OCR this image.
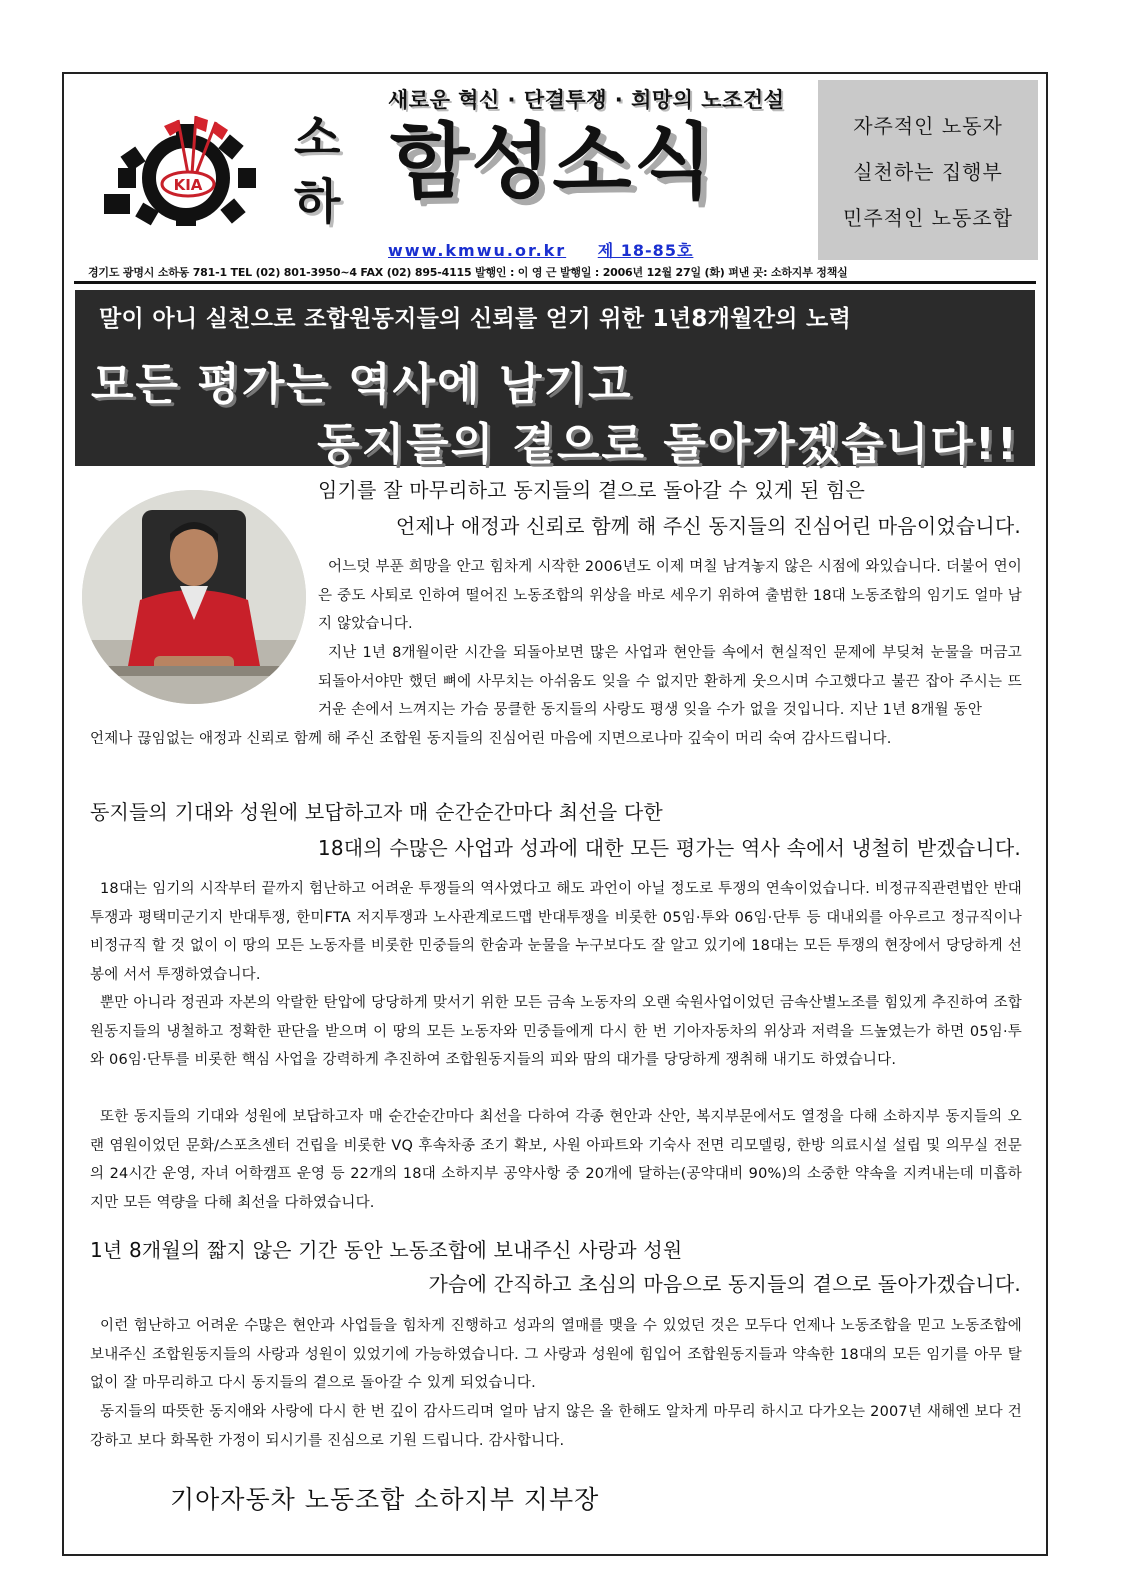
KIA
소
하
새로운 혁신 · 단결투쟁 · 희망의 노조건설
함성소식
www.kmwu.or.kr 제 18-85호
자주적인 노동자
실천하는 집행부
민주적인 노동조합
경기도 광명시 소하동 781-1 TEL (02) 801-3950~4 FAX (02) 895-4115 발행인 : 이 영 근 발행일 : 2006년 12월 27일 (화) 펴낸 곳: 소하지부 정책실
말이 아니 실천으로 조합원동지들의 신뢰를 얻기 위한 1년8개월간의 노력
모든 평가는 역사에 남기고
동지들의 곁으로 돌아가겠습니다!!
임기를 잘 마무리하고 동지들의 곁으로 돌아갈 수 있게 된 힘은
언제나 애정과 신뢰로 함께 해 주신 동지들의 진심어린 마음이었습니다.

어느덧 부푼 희망을 안고 힘차게 시작한 2006년도 이제 며칠 남겨놓지 않은 시점에 와있습니다. 더불어 연이은 중도 사퇴로 인하여 떨어진 노동조합의 위상을 바로 세우기 위하여 출범한 18대 노동조합의 임기도 얼마 남지 않았습니다.

지난 1년 8개월이란 시간을 되돌아보면 많은 사업과 현안들 속에서 현실적인 문제에 부딪쳐 눈물을 머금고 되돌아서야만 했던 뼈에 사무치는 아쉬움도 잊을 수 없지만 환하게 웃으시며 수고했다고 불끈 잡아 주시는 뜨거운 손에서 느껴지는 가슴 뭉클한 동지들의 사랑도 평생 잊을 수가 없을 것입니다. 지난 1년 8개월 동안

언제나 끊임없는 애정과 신뢰로 함께 해 주신 조합원 동지들의 진심어린 마음에 지면으로나마 깊숙이 머리 숙여 감사드립니다.

동지들의 기대와 성원에 보답하고자 매 순간순간마다 최선을 다한
18대의 수많은 사업과 성과에 대한 모든 평가는 역사 속에서 냉철히 받겠습니다.

18대는 임기의 시작부터 끝까지 험난하고 어려운 투쟁들의 역사였다고 해도 과언이 아닐 정도로 투쟁의 연속이었습니다. 비정규직관련법안 반대투쟁과 평택미군기지 반대투쟁, 한미FTA 저지투쟁과 노사관계로드맵 반대투쟁을 비롯한 05임·투와 06임·단투 등 대내외를 아우르고 정규직이나 비정규직 할 것 없이 이 땅의 모든 노동자를 비롯한 민중들의 한숨과 눈물을 누구보다도 잘 알고 있기에 18대는 모든 투쟁의 현장에서 당당하게 선봉에 서서 투쟁하였습니다.

뿐만 아니라 정권과 자본의 악랄한 탄압에 당당하게 맞서기 위한 모든 금속 노동자의 오랜 숙원사업이었던 금속산별노조를 힘있게 추진하여 조합원동지들의 냉철하고 정확한 판단을 받으며 이 땅의 모든 노동자와 민중들에게 다시 한 번 기아자동차의 위상과 저력을 드높였는가 하면 05임·투와 06임·단투를 비롯한 핵심 사업을 강력하게 추진하여 조합원동지들의 피와 땀의 대가를 당당하게 쟁취해 내기도 하였습니다.

또한 동지들의 기대와 성원에 보답하고자 매 순간순간마다 최선을 다하여 각종 현안과 산안, 복지부문에서도 열정을 다해 소하지부 동지들의 오랜 염원이었던 문화/스포츠센터 건립을 비롯한 VQ 후속차종 조기 확보, 사원 아파트와 기숙사 전면 리모델링, 한방 의료시설 설립 및 의무실 전문의 24시간 운영, 자녀 어학캠프 운영 등 22개의 18대 소하지부 공약사항 중 20개에 달하는(공약대비 90%)의 소중한 약속을 지켜내는데 미흡하지만 모든 역량을 다해 최선을 다하였습니다.

1년 8개월의 짧지 않은 기간 동안 노동조합에 보내주신 사랑과 성원
가슴에 간직하고 초심의 마음으로 동지들의 곁으로 돌아가겠습니다.

이런 험난하고 어려운 수많은 현안과 사업들을 힘차게 진행하고 성과의 열매를 맺을 수 있었던 것은 모두다 언제나 노동조합을 믿고 노동조합에 보내주신 조합원동지들의 사랑과 성원이 있었기에 가능하였습니다. 그 사랑과 성원에 힘입어 조합원동지들과 약속한 18대의 모든 임기를 아무 탈 없이 잘 마무리하고 다시 동지들의 곁으로 돌아갈 수 있게 되었습니다.

동지들의 따뜻한 동지애와 사랑에 다시 한 번 깊이 감사드리며 얼마 남지 않은 올 한해도 알차게 마무리 하시고 다가오는 2007년 새해엔 보다 건강하고 보다 화목한 가정이 되시기를 진심으로 기원 드립니다. 감사합니다.

기아자동차 노동조합 소하지부 지부장
